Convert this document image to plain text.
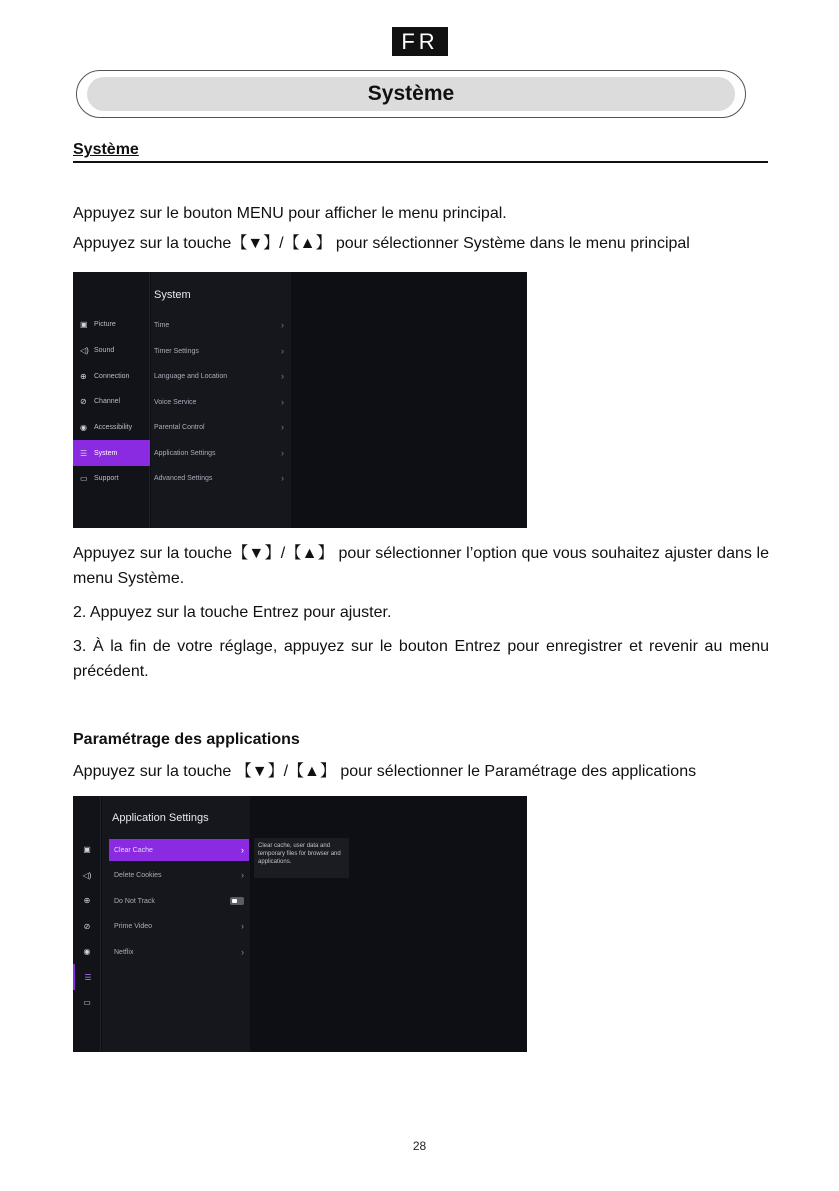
FR
Système
Système
Appuyez sur le bouton MENU pour afficher le menu principal.
Appuyez sur la touche【▼】/【▲】 pour sélectionner Système dans le menu principal
▣ Picture
◁) Sound
⊕	Connection
⊘	Channel
◉	Accessibility
☰ System
▭ Support
System
Time	›
Timer Settings	›
Language and Location	›
Voice Service	›
Parental Control	›
Application Settings	›
Advanced Settings	›
Appuyez sur la touche【▼】/【▲】 pour sélectionner l’option que vous souhaitez ajuster dans le menu Système.
2. Appuyez sur la touche Entrez pour ajuster.
3. À la fin de votre réglage, appuyez sur le bouton Entrez pour enregistrer et revenir au menu précédent.
Paramétrage des applications
Appuyez sur la touche 【▼】/【▲】 pour sélectionner le Paramétrage des applications
▣
◁)
⊕
⊘
◉
☰
▭
Application Settings
Clear Cache	›
Delete Cookies	›
Do Not Track
Prime Video	›
Netflix	›
Clear cache, user data and temporary files for browser and applications.
28
